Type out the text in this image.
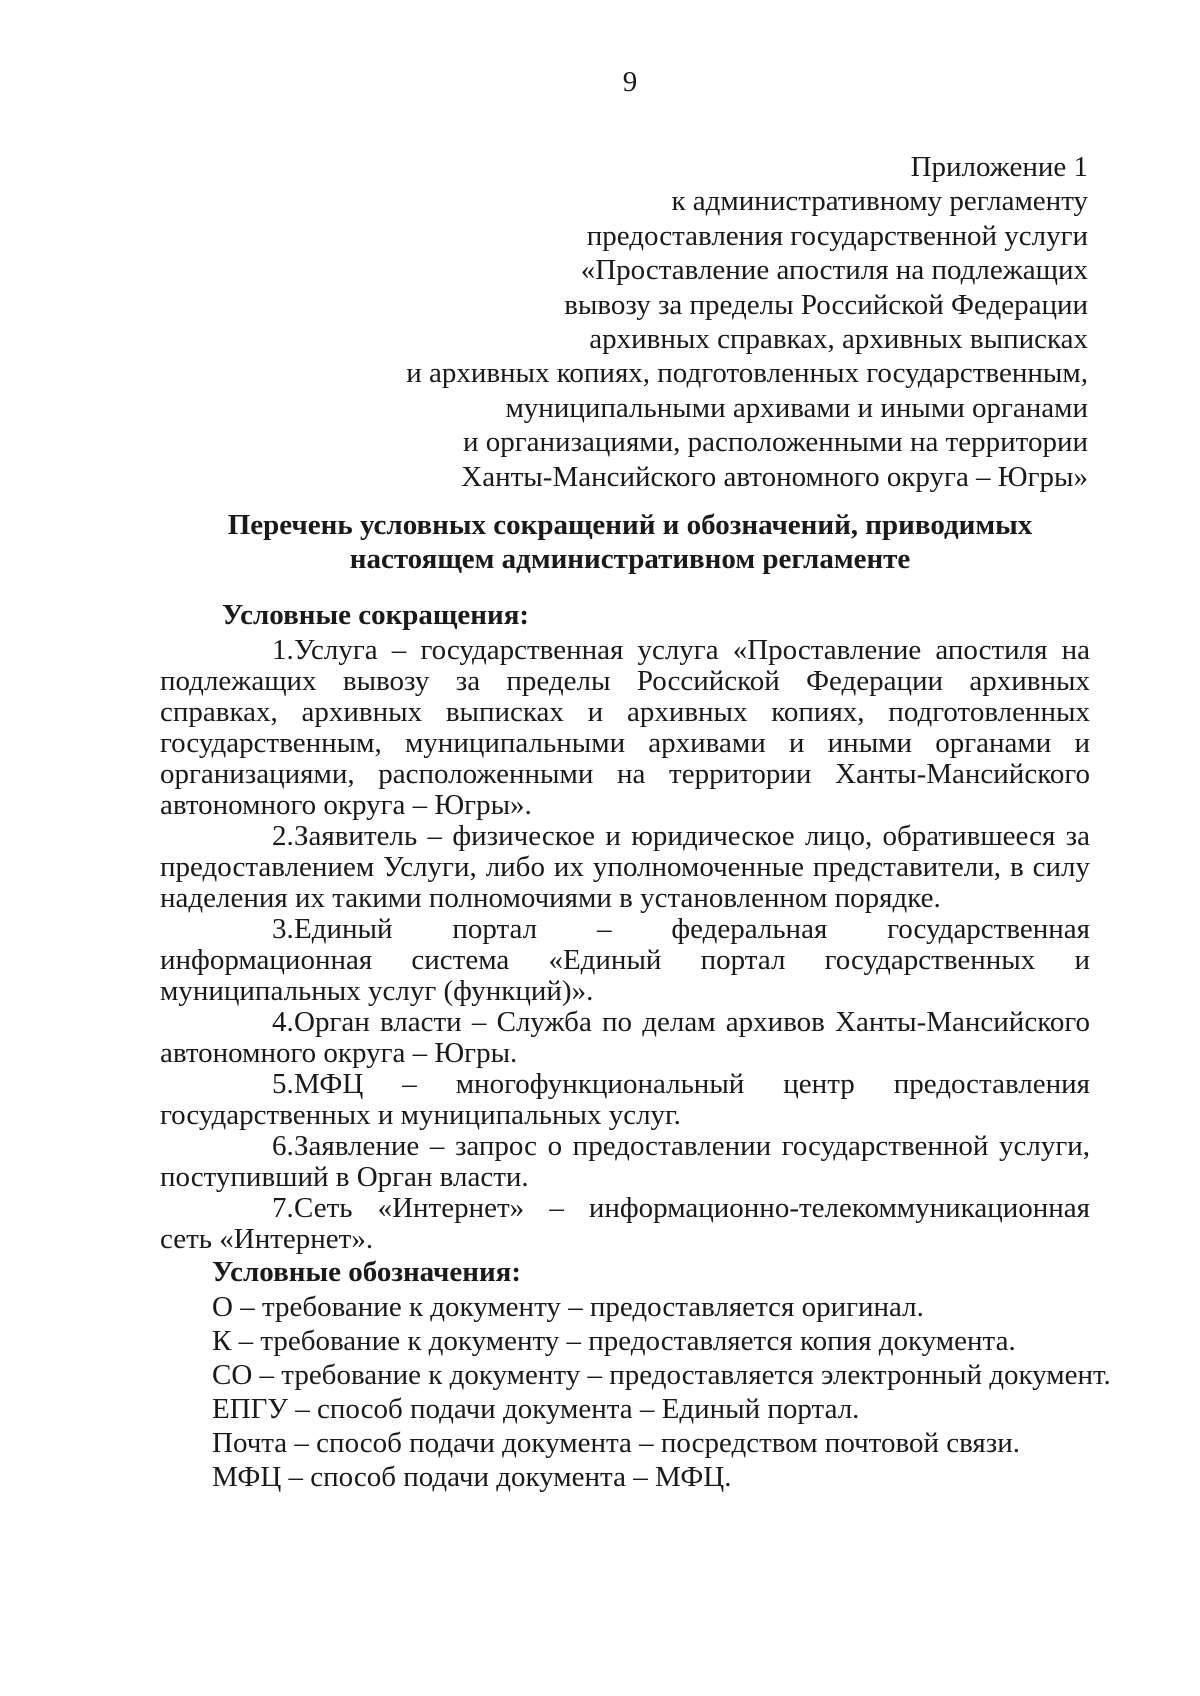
9
Приложение 1
к административному регламенту
предоставления государственной услуги
«Проставление апостиля на подлежащих
вывозу за пределы Российской Федерации
архивных справках, архивных выписках
и архивных копиях, подготовленных государственным,
муниципальными архивами и иными органами
и организациями, расположенными на территории
Ханты-Мансийского автономного округа – Югры»
Перечень условных сокращений и обозначений, приводимых
настоящем административном регламенте
Условные сокращения:

1.Услуга – государственная услуга «Проставление апостиля на подлежащих вывозу за пределы Российской Федерации архивных справках, архивных выписках и архивных копиях, подготовленных государственным, муниципальными архивами и иными органами и организациями, расположенными на территории Ханты-Мансийского автономного округа – Югры».

2.Заявитель – физическое и юридическое лицо, обратившееся за предоставлением Услуги, либо их уполномоченные представители, в силу наделения их такими полномочиями в установленном порядке.

3.Единый портал – федеральная государственная информационная система «Единый портал государственных и муниципальных услуг (функций)».

4.Орган власти – Служба по делам архивов Ханты-Мансийского автономного округа – Югры.

5.МФЦ – многофункциональный центр предоставления государственных и муниципальных услуг.

6.Заявление – запрос о предоставлении государственной услуги, поступивший в Орган власти.

7.Сеть «Интернет» – информационно-телекоммуникационная сеть «Интернет».

Условные обозначения:
О – требование к документу – предоставляется оригинал.
К – требование к документу – предоставляется копия документа.
СО – требование к документу – предоставляется электронный документ.
ЕПГУ – способ подачи документа – Единый портал.
Почта – способ подачи документа – посредством почтовой связи.
МФЦ – способ подачи документа – МФЦ.
